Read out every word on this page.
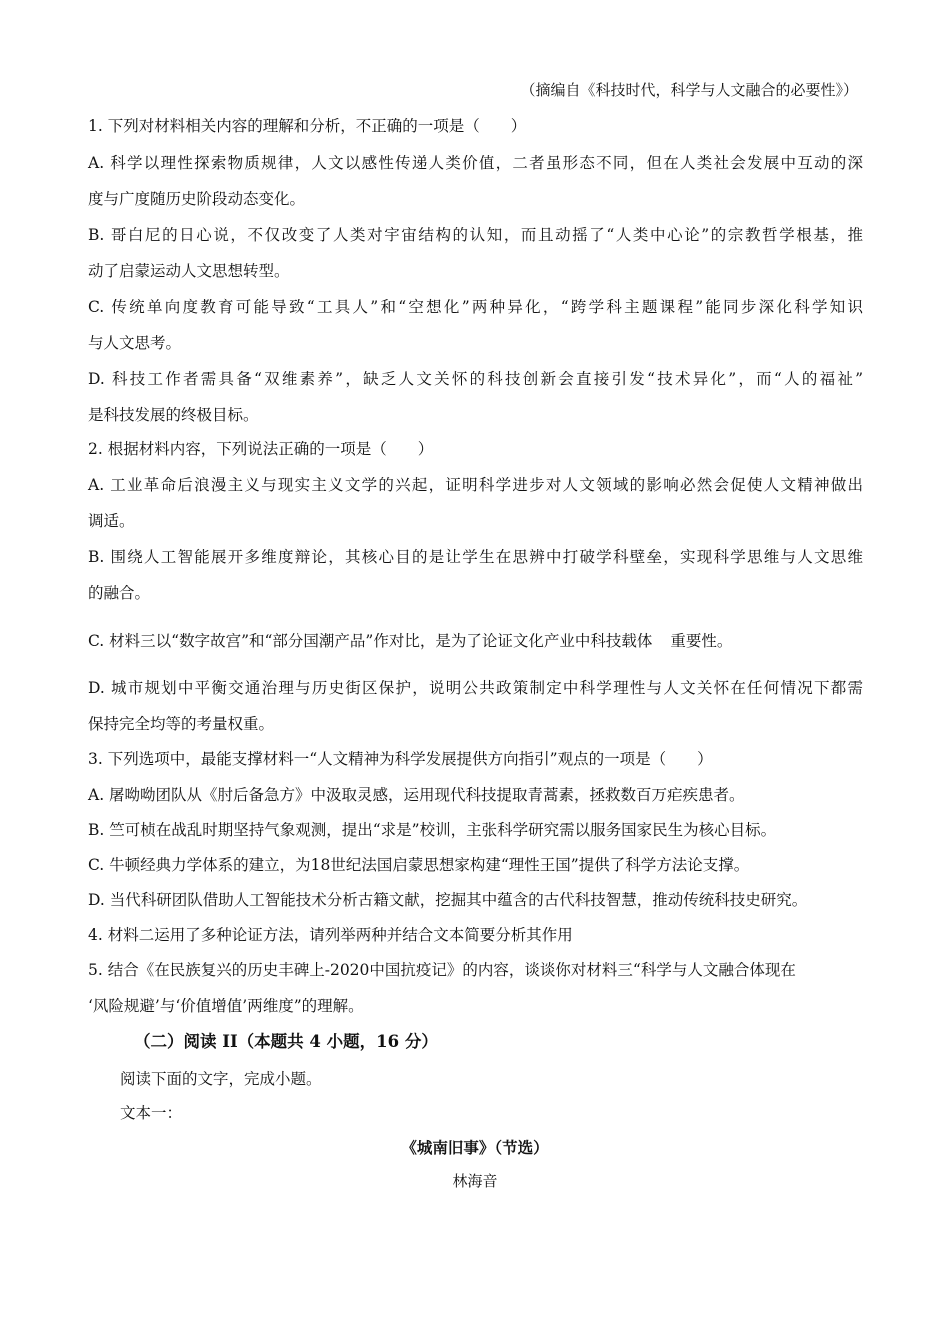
（摘编自《科技时代，科学与人文融合的必要性》）
1. 下列对材料相关内容的理解和分析，不正确的一项是（　　）
A. 科学以理性探索物质规律，人文以感性传递人类价值，二者虽形态不同，但在人类社会发展中互动的深
度与广度随历史阶段动态变化。
B. 哥白尼的日心说，不仅改变了人类对宇宙结构的认知，而且动摇了“人类中心论”的宗教哲学根基，推
动了启蒙运动人文思想转型。
C. 传统单向度教育可能导致“工具人”和“空想化”两种异化，“跨学科主题课程”能同步深化科学知识
与人文思考。
D. 科技工作者需具备“双维素养”，缺乏人文关怀的科技创新会直接引发“技术异化”，而“人的福祉”
是科技发展的终极目标。
2. 根据材料内容，下列说法正确的一项是（　　）
A. 工业革命后浪漫主义与现实主义文学的兴起，证明科学进步对人文领域的影响必然会促使人文精神做出
调适。
B. 围绕人工智能展开多维度辩论，其核心目的是让学生在思辨中打破学科壁垒，实现科学思维与人文思维
的融合。
C. 材料三以“数字故宫”和“部分国潮产品”作对比，是为了论证文化产业中科技载体 重要性。
D. 城市规划中平衡交通治理与历史街区保护，说明公共政策制定中科学理性与人文关怀在任何情况下都需
保持完全均等的考量权重。
3. 下列选项中，最能支撑材料一“人文精神为科学发展提供方向指引”观点的一项是（　　）
A. 屠呦呦团队从《肘后备急方》中汲取灵感，运用现代科技提取青蒿素，拯救数百万疟疾患者。
B. 竺可桢在战乱时期坚持气象观测，提出“求是”校训，主张科学研究需以服务国家民生为核心目标。
C. 牛顿经典力学体系的建立，为18世纪法国启蒙思想家构建“理性王国”提供了科学方法论支撑。
D. 当代科研团队借助人工智能技术分析古籍文献，挖掘其中蕴含的古代科技智慧，推动传统科技史研究。
4. 材料二运用了多种论证方法，请列举两种并结合文本简要分析其作用
5. 结合《在民族复兴的历史丰碑上-2020中国抗疫记》的内容，谈谈你对材料三“科学与人文融合体现在
‘风险规避’与‘价值增值’两维度”的理解。
（二）阅读 II（本题共 4 小题，16 分）
阅读下面的文字，完成小题。
文本一：
《城南旧事》（节选）
林海音
